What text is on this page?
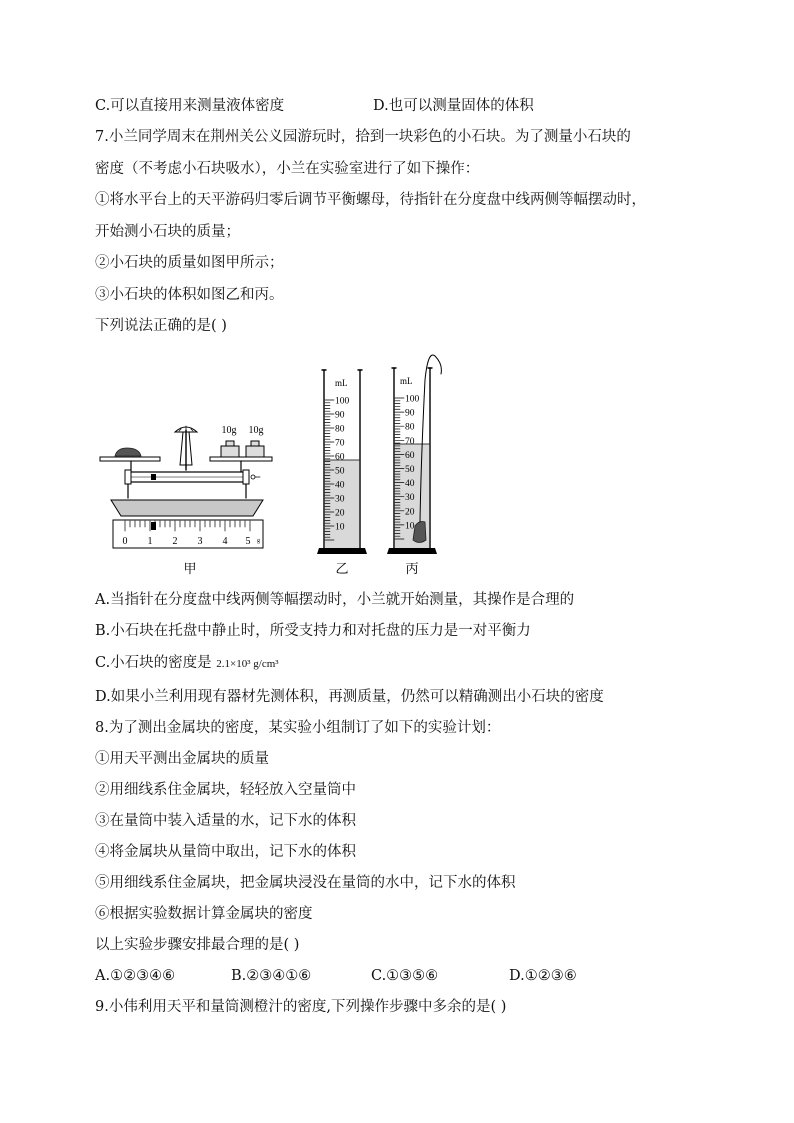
C.可以直接用来测量液体密度	D.也可以测量固体的体积
7.小兰同学周末在荆州关公义园游玩时，拾到一块彩色的小石块。为了测量小石块的
密度（不考虑小石块吸水），小兰在实验室进行了如下操作：
①将水平台上的天平游码归零后调节平衡螺母，待指针在分度盘中线两侧等幅摆动时，
开始测小石块的质量；
②小石块的质量如图甲所示；
③小石块的体积如图乙和丙。
下列说法正确的是( )
10g 10g
0 1 2 3 4 5 g
甲
mL
100
90
80
70
60
50
40
30
20
10
乙
mL
100
90
80
70
60
50
40
30
20
10
丙
A.当指针在分度盘中线两侧等幅摆动时，小兰就开始测量，其操作是合理的
B.小石块在托盘中静止时，所受支持力和对托盘的压力是一对平衡力
C.小石块的密度是 2.1×10³ g/cm³
D.如果小兰利用现有器材先测体积，再测质量，仍然可以精确测出小石块的密度
8.为了测出金属块的密度，某实验小组制订了如下的实验计划：
①用天平测出金属块的质量
②用细线系住金属块，轻轻放入空量筒中
③在量筒中装入适量的水，记下水的体积
④将金属块从量筒中取出，记下水的体积
⑤用细线系住金属块，把金属块浸没在量筒的水中，记下水的体积
⑥根据实验数据计算金属块的密度
以上实验步骤安排最合理的是( )
A.①②③④⑥	B.②③④①⑥	C.①③⑤⑥	D.①②③⑥
9.小伟利用天平和量筒测橙汁的密度,下列操作步骤中多余的是( )
